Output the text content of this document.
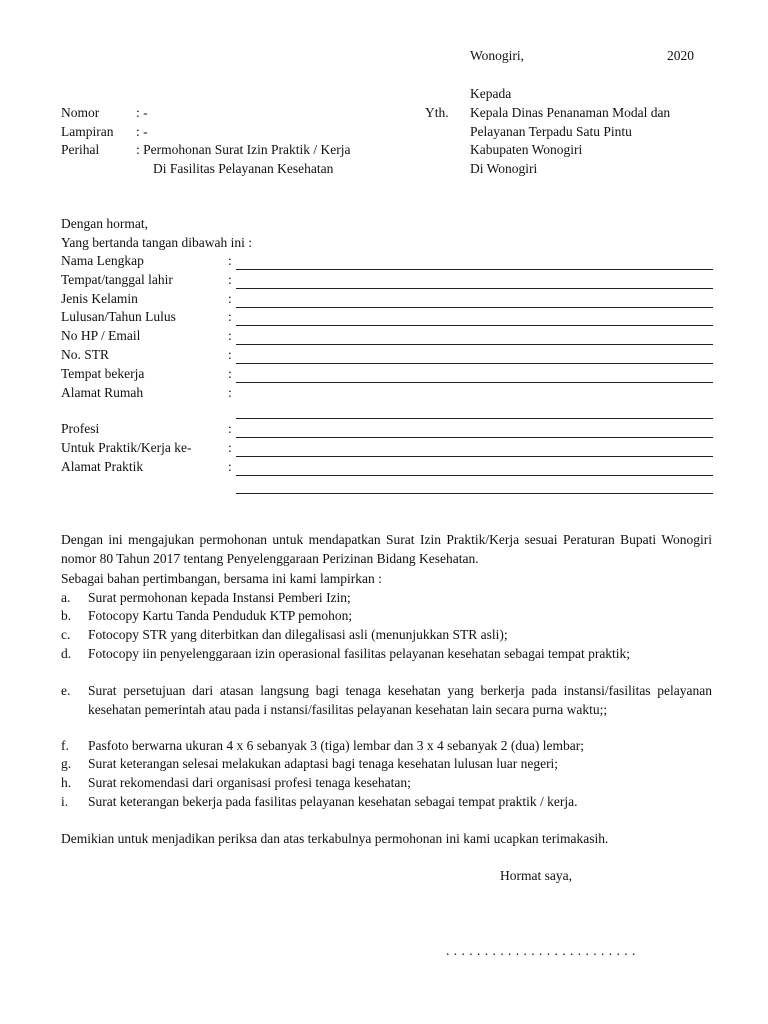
Wonogiri,	2020
Kepada
Yth. Kepala Dinas Penanaman Modal dan
Pelayanan Terpadu Satu Pintu
Kabupaten Wonogiri
Di Wonogiri
Nomor	: -
Lampiran : -
Perihal	: Permohonan Surat Izin Praktik / Kerja
Di Fasilitas Pelayanan Kesehatan
Dengan hormat,
Yang bertanda tangan dibawah ini :
Nama Lengkap	:
Tempat/tanggal lahir	:
Jenis Kelamin	:
Lulusan/Tahun Lulus	:
No HP / Email	:
No. STR	:
Tempat bekerja	:
Alamat Rumah	:
Profesi	:
Untuk Praktik/Kerja ke-	:
Alamat Praktik	:
Dengan ini mengajukan permohonan untuk mendapatkan Surat Izin Praktik/Kerja sesuai Peraturan Bupati Wonogiri nomor 80 Tahun 2017 tentang Penyelenggaraan Perizinan Bidang Kesehatan.
Sebagai bahan pertimbangan, bersama ini kami lampirkan :
a. Surat permohonan kepada Instansi Pemberi Izin;
b. Fotocopy Kartu Tanda Penduduk KTP pemohon;
c. Fotocopy STR yang diterbitkan dan dilegalisasi asli (menunjukkan STR asli);
d. Fotocopy iin penyelenggaraan izin operasional fasilitas pelayanan kesehatan sebagai tempat praktik;
e. Surat persetujuan dari atasan langsung bagi tenaga kesehatan yang berkerja pada instansi/fasilitas pelayanan kesehatan pemerintah atau pada i nstansi/fasilitas pelayanan kesehatan lain secara purna waktu;;
f. Pasfoto berwarna ukuran 4 x 6 sebanyak 3 (tiga) lembar dan 3 x 4 sebanyak 2 (dua) lembar;
g. Surat keterangan selesai melakukan adaptasi bagi tenaga kesehatan lulusan luar negeri;
h. Surat rekomendasi dari organisasi profesi tenaga kesehatan;
i. Surat keterangan bekerja pada fasilitas pelayanan kesehatan sebagai tempat praktik / kerja.
Demikian untuk menjadikan periksa dan atas terkabulnya permohonan ini kami ucapkan terimakasih.
Hormat saya,
. . . . . . . . . . . . . . . . . . . . . . . . .
